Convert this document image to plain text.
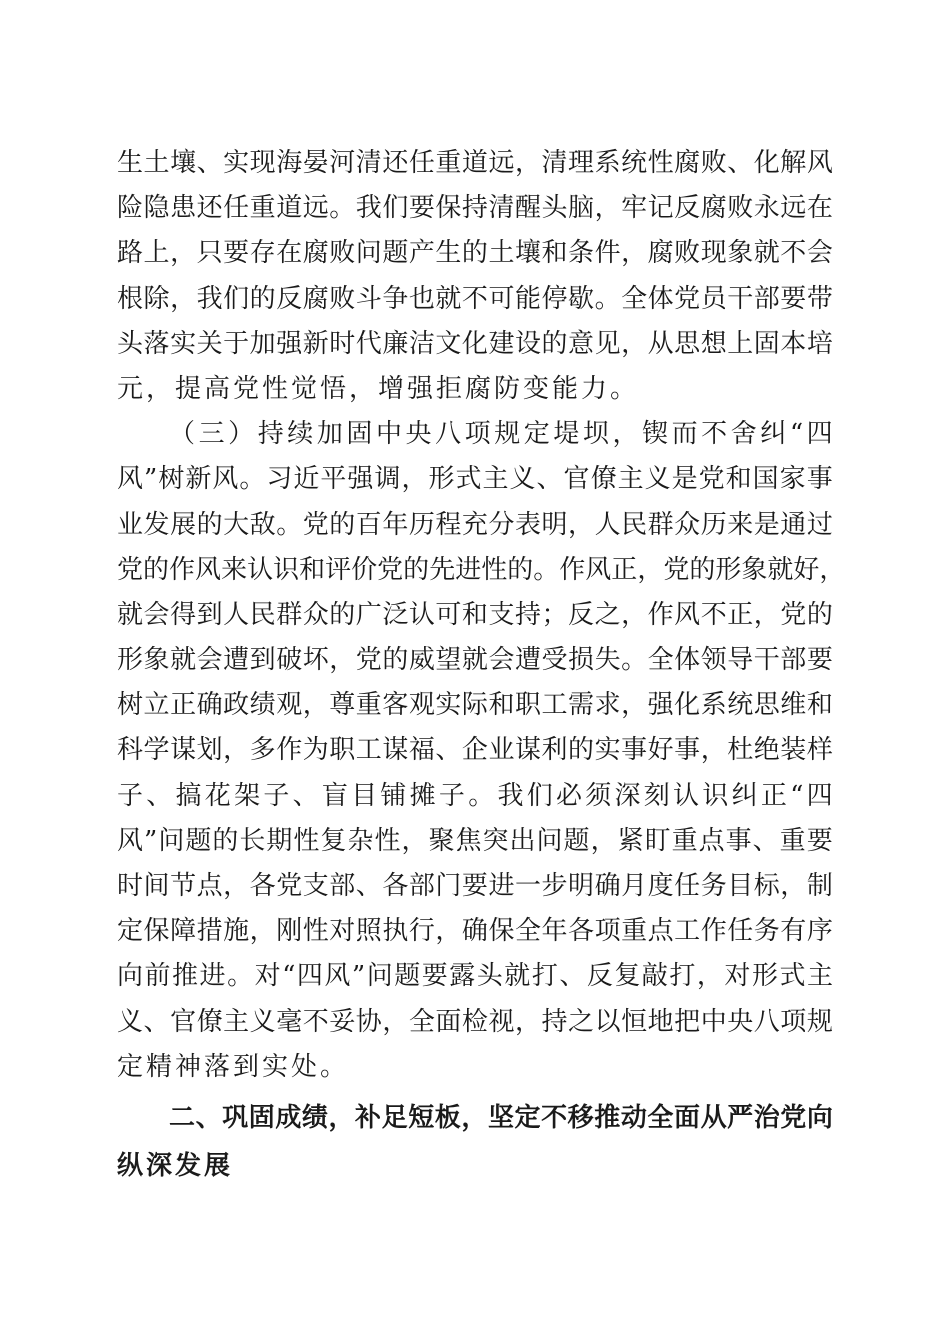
生 土 壤 、 实 现 海 晏 河 清 还 任 重 道 远 ， 清 理 系 统 性 腐 败 、 化 解 风
险 隐 患 还 任 重 道 远 。 我 们 要 保 持 清 醒 头 脑 ， 牢 记 反 腐 败 永 远 在
路 上 ， 只 要 存 在 腐 败 问 题 产 生 的 土 壤 和 条 件 ， 腐 败 现 象 就 不 会
根 除 ， 我 们 的 反 腐 败 斗 争 也 就 不 可 能 停 歇 。 全 体 党 员 干 部 要 带
头 落 实 关 于 加 强 新 时 代 廉 洁 文 化 建 设 的 意 见 ， 从 思 想 上 固 本 培
元，提高党性觉悟，增强拒腐防变能力。
（ 三 ） 持 续 加 固 中 央 八 项 规 定 堤 坝 ， 锲 而 不 舍 纠 “ 四
风 ” 树 新 风 。 习 近 平 强 调 ， 形 式 主 义 、 官 僚 主 义 是 党 和 国 家 事
业 发 展 的 大 敌 。 党 的 百 年 历 程 充 分 表 明 ， 人 民 群 众 历 来 是 通 过
党 的 作 风 来 认 识 和 评 价 党 的 先 进 性 的 。 作 风 正 ， 党 的 形 象 就 好 ，
就 会 得 到 人 民 群 众 的 广 泛 认 可 和 支 持 ； 反 之 ， 作 风 不 正 ， 党 的
形 象 就 会 遭 到 破 坏 ， 党 的 威 望 就 会 遭 受 损 失 。 全 体 领 导 干 部 要
树 立 正 确 政 绩 观 ， 尊 重 客 观 实 际 和 职 工 需 求 ， 强 化 系 统 思 维 和
科 学 谋 划 ， 多 作 为 职 工 谋 福 、 企 业 谋 利 的 实 事 好 事 ， 杜 绝 装 样
子 、 搞 花 架 子 、 盲 目 铺 摊 子 。 我 们 必 须 深 刻 认 识 纠 正 “ 四
风 ” 问 题 的 长 期 性 复 杂 性 ， 聚 焦 突 出 问 题 ， 紧 盯 重 点 事 、 重 要
时 间 节 点 ， 各 党 支 部 、 各 部 门 要 进 一 步 明 确 月 度 任 务 目 标 ， 制
定 保 障 措 施 ， 刚 性 对 照 执 行 ， 确 保 全 年 各 项 重 点 工 作 任 务 有 序
向 前 推 进 。 对 “ 四 风 ” 问 题 要 露 头 就 打 、 反 复 敲 打 ， 对 形 式 主
义 、 官 僚 主 义 毫 不 妥 协 ， 全 面 检 视 ， 持 之 以 恒 地 把 中 央 八 项 规
定精神落到实处。
二 、 巩 固 成 绩 ， 补 足 短 板 ， 坚 定 不 移 推 动 全 面 从 严 治 党 向
纵深发展
